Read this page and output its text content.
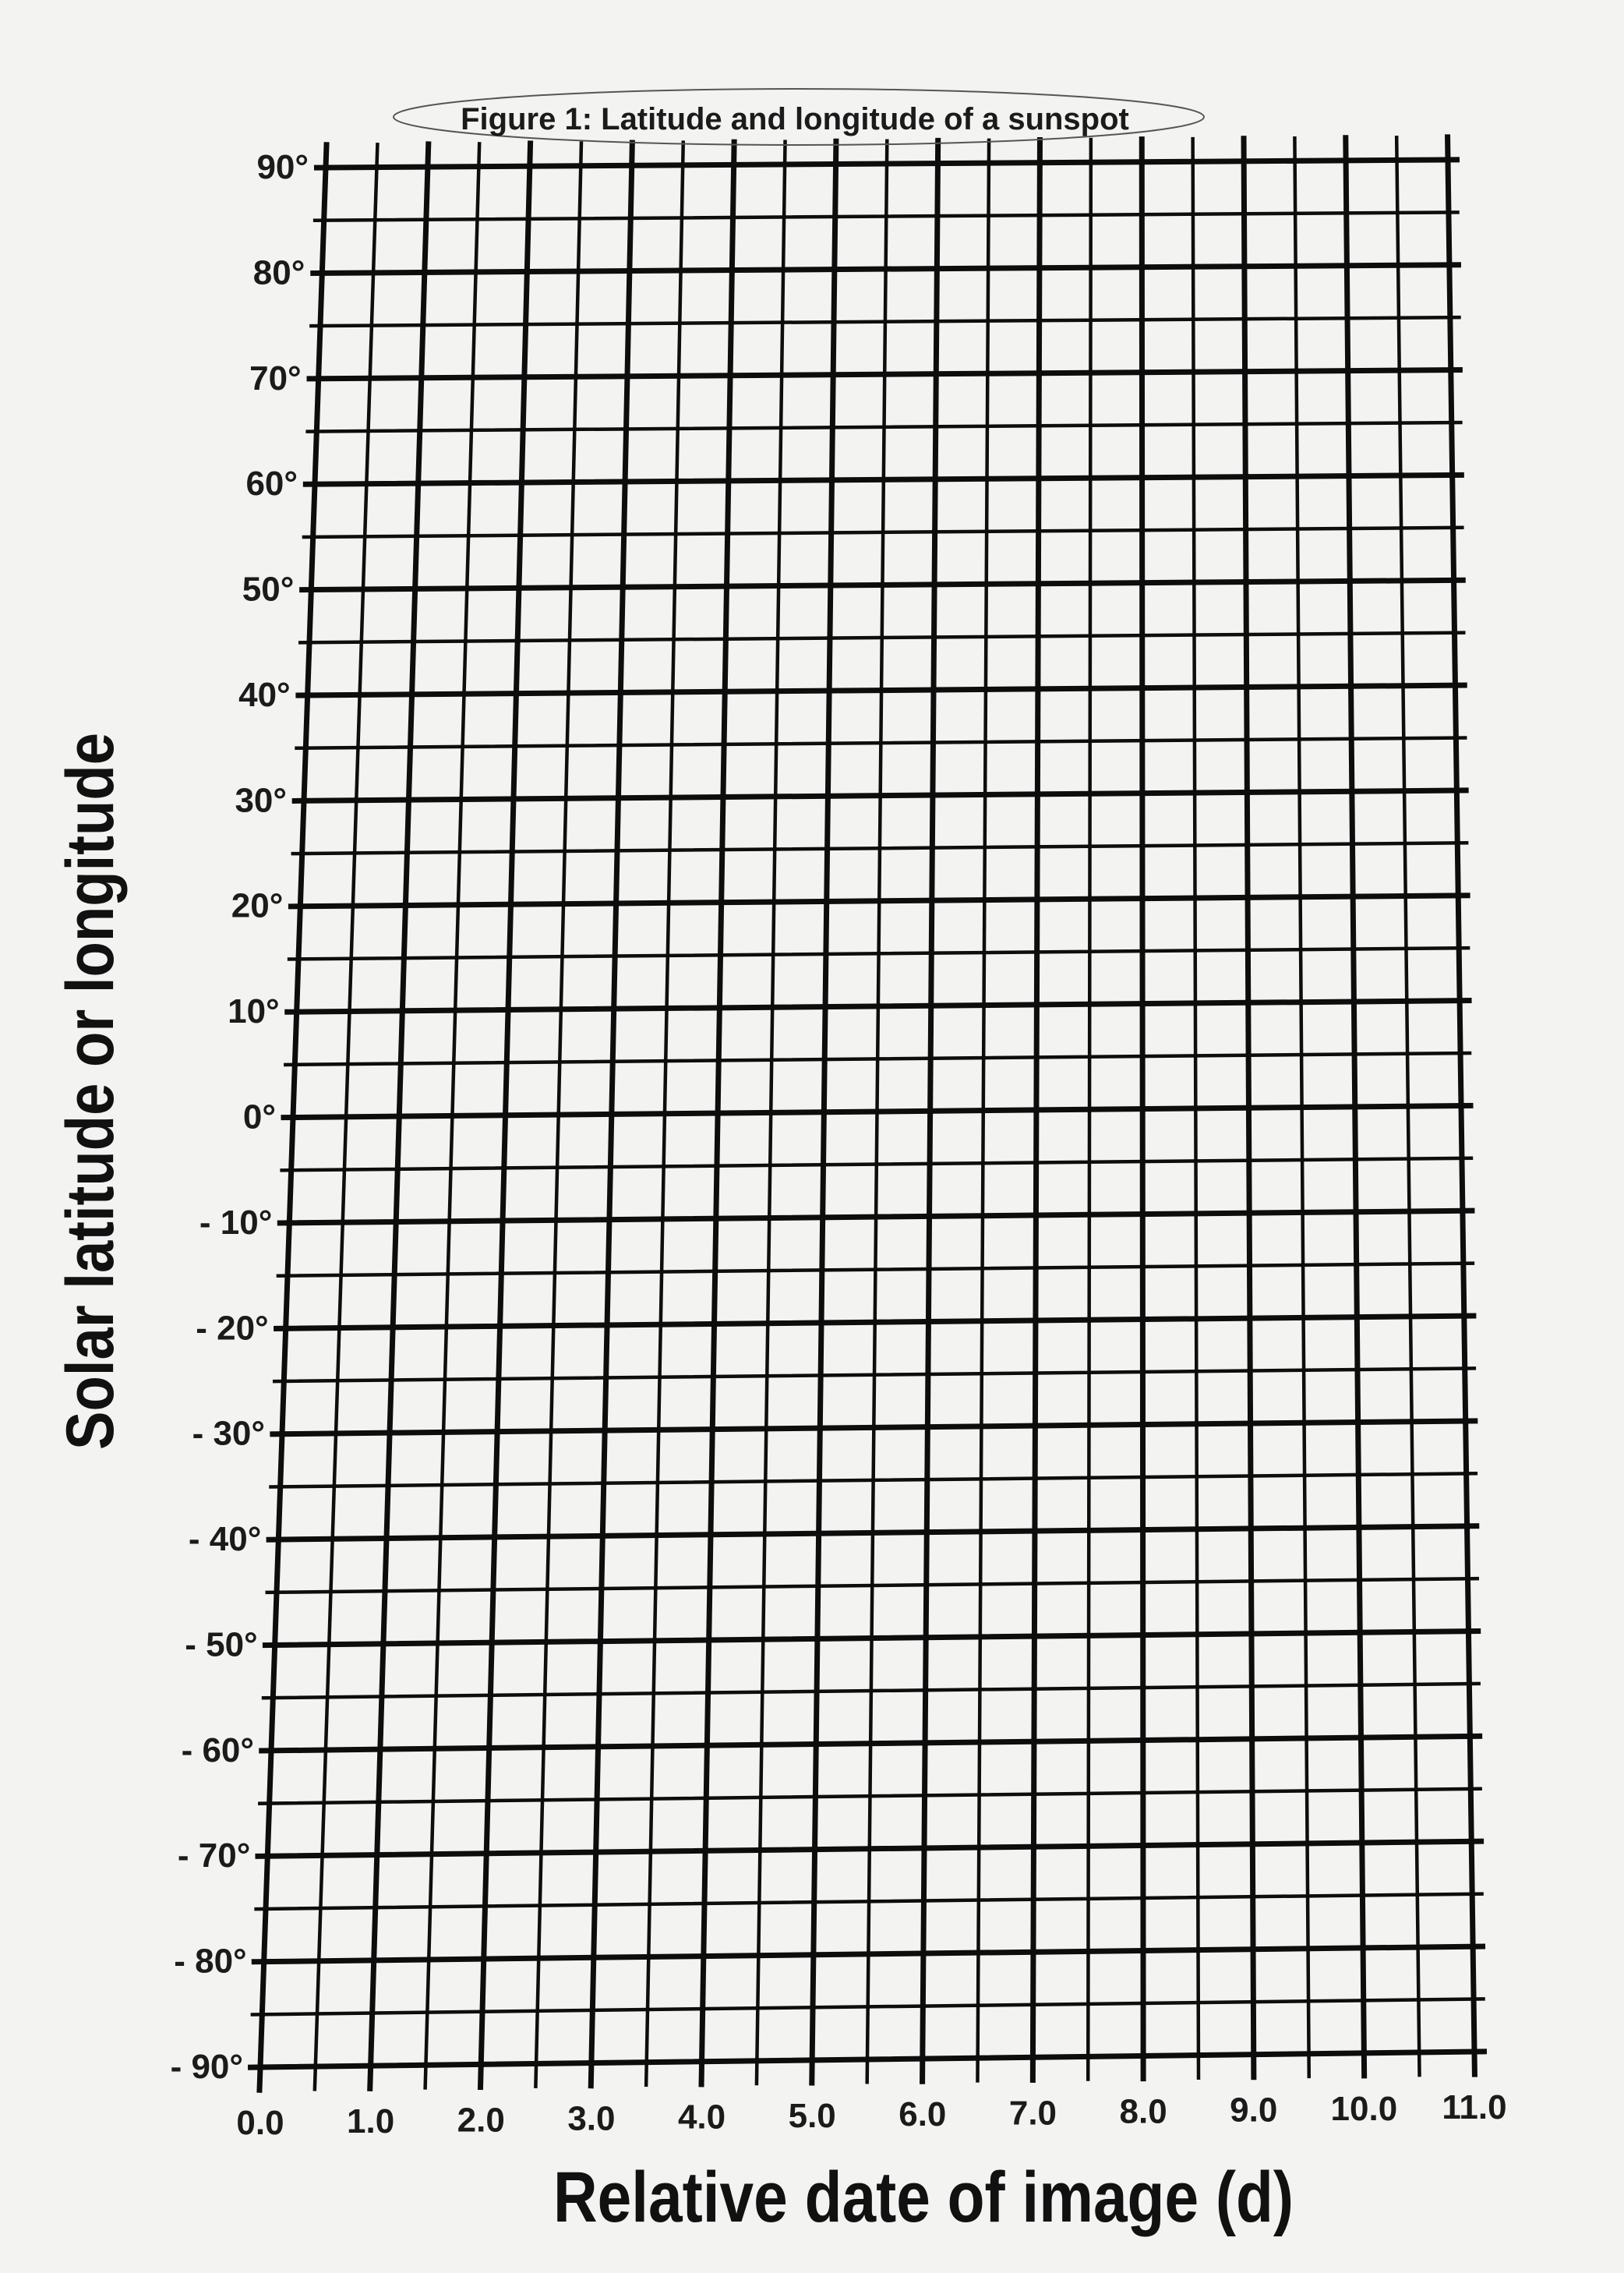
90°
80°
70°
60°
50°
40°
30°
20°
10°
0°
- 10°
- 20°
- 30°
- 40°
- 50°
- 60°
- 70°
- 80°
- 90°
0.0 1.0 2.0 3.0 4.0 5.0 6.0 7.0 8.0 9.0 10.0 11.0
Figure 1: Latitude and longitude of a sunspot
Relative date of image (d)
Solar latitude or longitude
